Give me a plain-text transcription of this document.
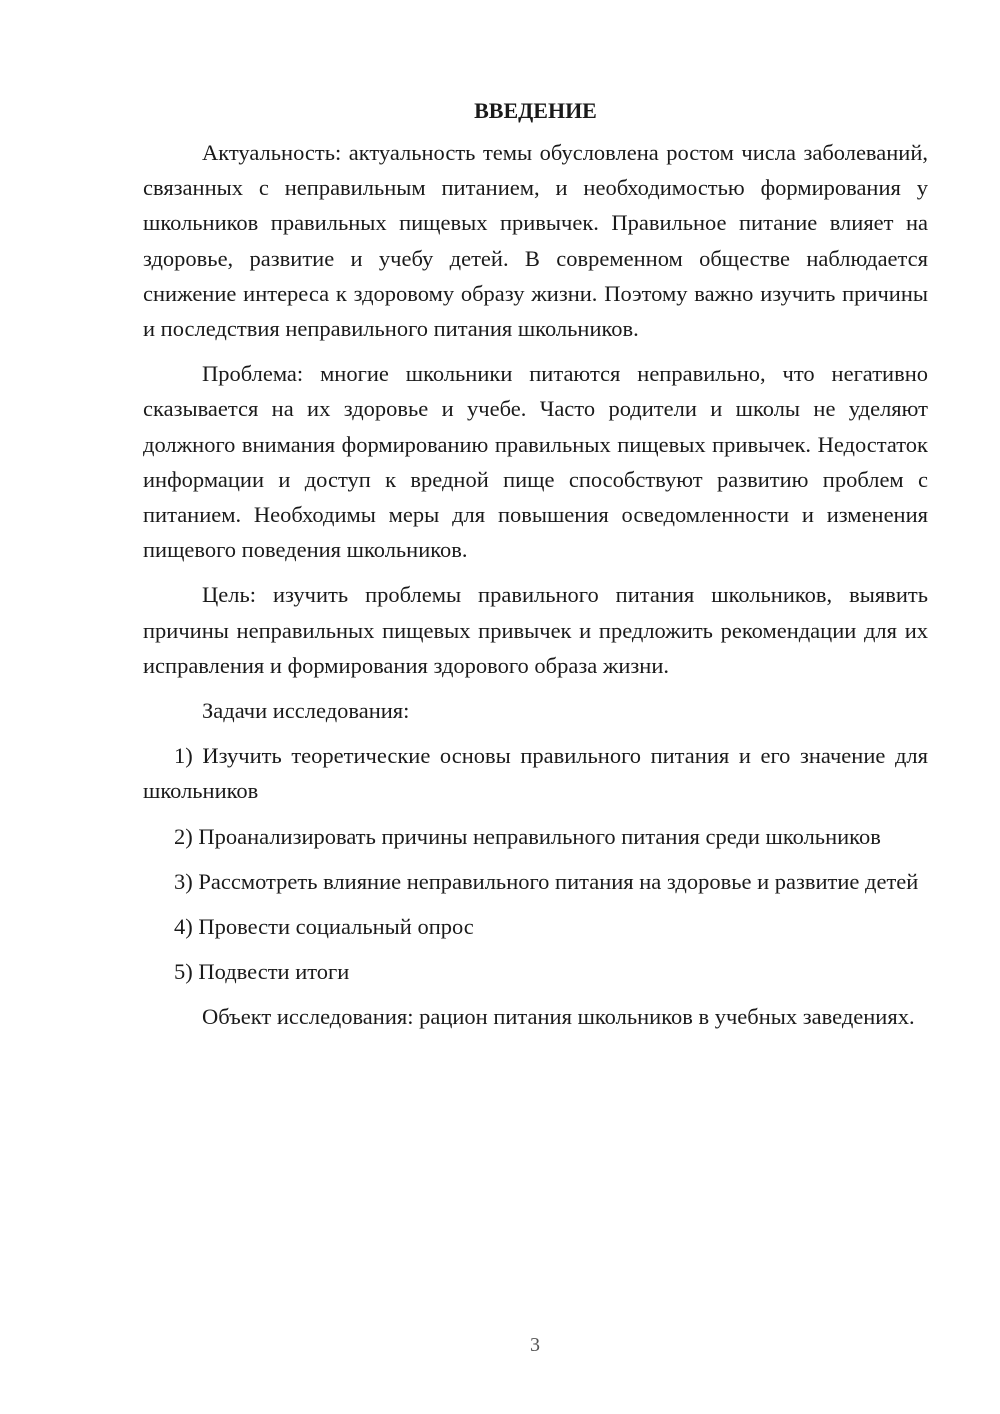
ВВЕДЕНИЕ

Актуальность: актуальность темы обусловлена ростом числа заболеваний, связанных с неправильным питанием, и необходимостью формирования у школьников правильных пищевых привычек. Правильное питание влияет на здоровье, развитие и учебу детей. В современном обществе наблюдается снижение интереса к здоровому образу жизни. Поэтому важно изучить причины и последствия неправильного питания школьников.

Проблема: многие школьники питаются неправильно, что негативно сказывается на их здоровье и учебе. Часто родители и школы не уделяют должного внимания формированию правильных пищевых привычек. Недостаток информации и доступ к вредной пище способствуют развитию проблем с питанием. Необходимы меры для повышения осведомленности и изменения пищевого поведения школьников.

Цель: изучить проблемы правильного питания школьников, выявить причины неправильных пищевых привычек и предложить рекомендации для их исправления и формирования здорового образа жизни.

Задачи исследования:

1) Изучить теоретические основы правильного питания и его значение для школьников

2) Проанализировать причины неправильного питания среди школьников

3) Рассмотреть влияние неправильного питания на здоровье и развитие детей

4) Провести социальный опрос

5) Подвести итоги

Объект исследования: рацион питания школьников в учебных заведениях.

3
